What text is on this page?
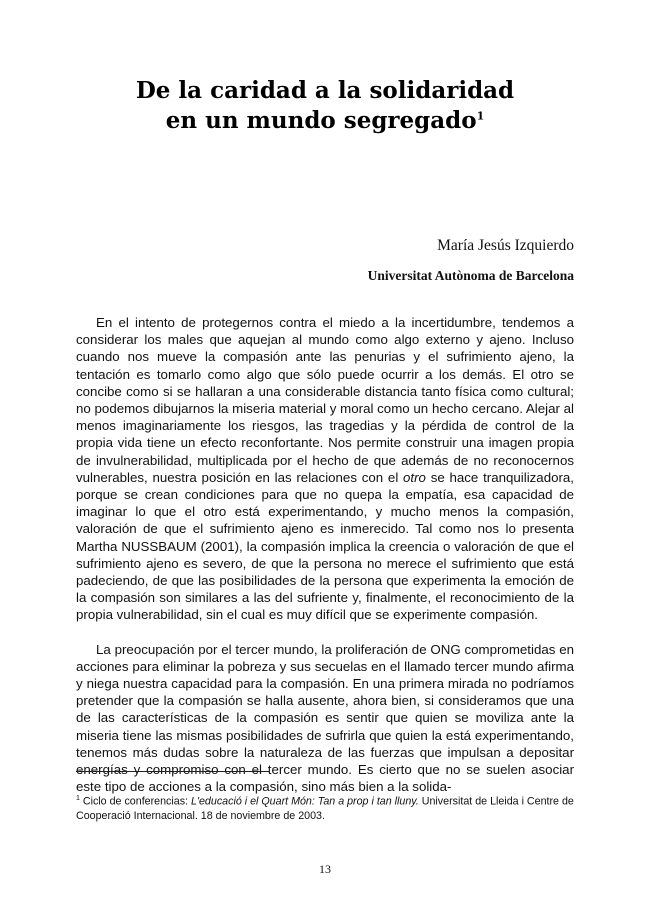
De la caridad a la solidaridad
en un mundo segregado$^1$
María Jesús Izquierdo
Universitat Autònoma de Barcelona

En el intento de protegernos contra el miedo a la incertidumbre, tendemos a considerar los males que aquejan al mundo como algo externo y ajeno. Incluso cuando nos mueve la compasión ante las penurias y el sufrimiento ajeno, la tentación es tomarlo como algo que sólo puede ocurrir a los demás. El otro se concibe como si se hallaran a una considerable distancia tanto física como cultural; no podemos dibujarnos la miseria material y moral como un hecho cercano. Alejar al menos imaginariamente los riesgos, las tragedias y la pérdida de control de la propia vida tiene un efecto reconfortante. Nos permite construir una imagen propia de invulnerabilidad, multiplicada por el hecho de que además de no reconocernos vulnerables, nuestra posición en las relaciones con el otro se hace tranquilizadora, porque se crean condiciones para que no quepa la empatía, esa capacidad de imaginar lo que el otro está experimentando, y mucho menos la compasión, valoración de que el sufrimiento ajeno es inmerecido. Tal como nos lo presenta Martha NUSSBAUM (2001), la compasión implica la creencia o valoración de que el sufrimiento ajeno es severo, de que la persona no merece el sufrimiento que está padeciendo, de que las posibilidades de la persona que experimenta la emoción de la compasión son similares a las del sufriente y, finalmente, el reconocimiento de la propia vulnerabilidad, sin el cual es muy difícil que se experimente compasión.

La preocupación por el tercer mundo, la proliferación de ONG comprometidas en acciones para eliminar la pobreza y sus secuelas en el llamado tercer mundo afirma y niega nuestra capacidad para la compasión. En una primera mirada no podríamos pretender que la compasión se halla ausente, ahora bien, si consideramos que una de las características de la compasión es sentir que quien se moviliza ante la miseria tiene las mismas posibilidades de sufrirla que quien la está experimentando, tenemos más dudas sobre la naturaleza de las fuerzas que impulsan a depositar energías y compromiso con el tercer mundo. Es cierto que no se suelen asociar este tipo de acciones a la compasión, sino más bien a la solida-

$^1$ Ciclo de conferencias: L'educació i el Quart Món: Tan a prop i tan lluny. Universitat de Lleida i Centre de Cooperació Internacional. 18 de noviembre de 2003.
13
